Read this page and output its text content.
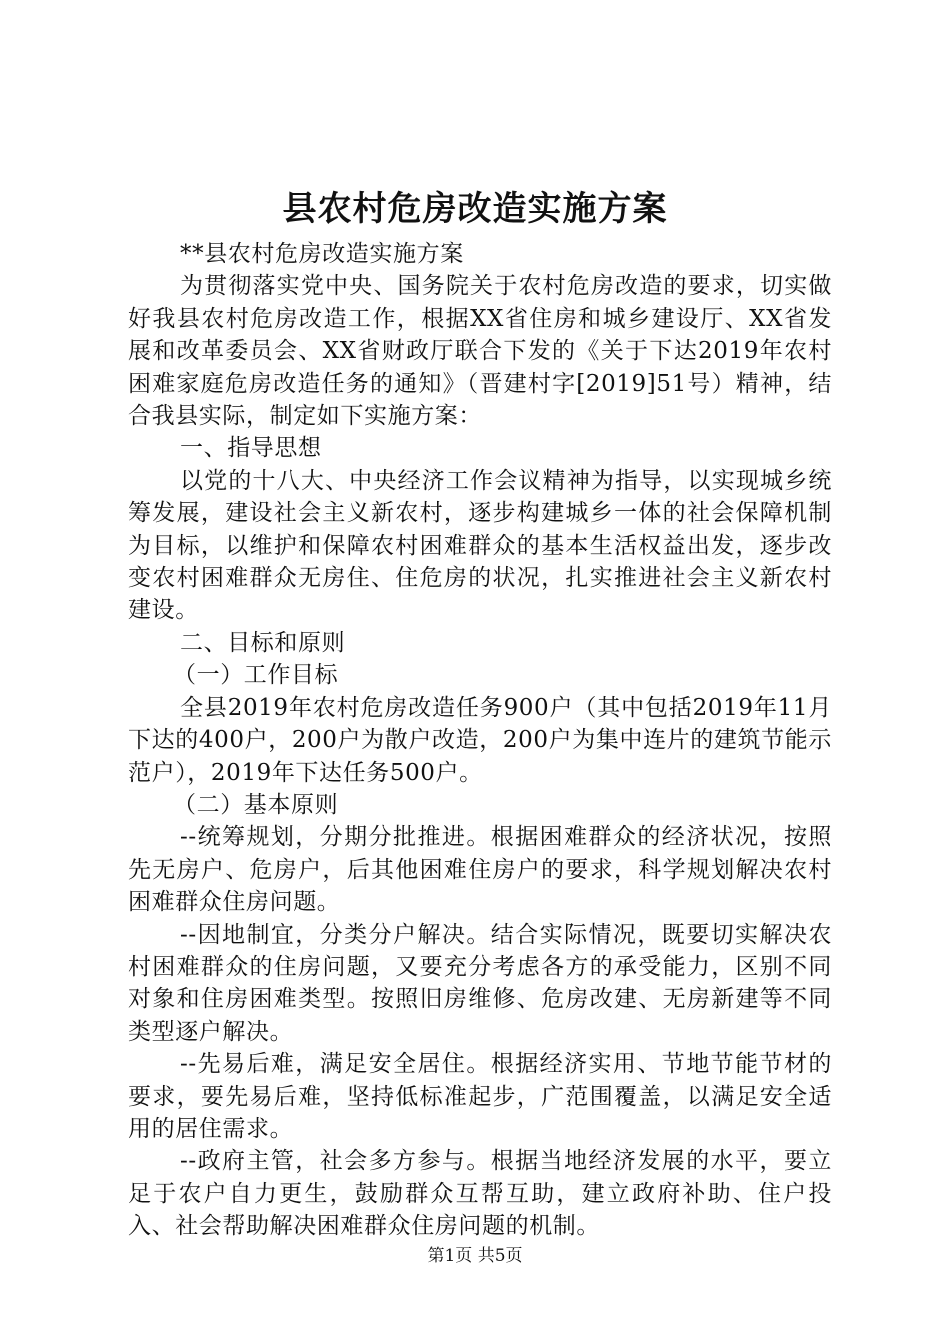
县农村危房改造实施方案

**县农村危房改造实施方案

为贯彻落实党中央、国务院关于农村危房改造的要求，切实做好我县农村危房改造工作，根据XX省住房和城乡建设厅、XX省发展和改革委员会、XX省财政厅联合下发的《关于下达2019年农村困难家庭危房改造任务的通知》（晋建村字[2019]51号）精神，结合我县实际，制定如下实施方案：

一、指导思想

以党的十八大、中央经济工作会议精神为指导，以实现城乡统筹发展，建设社会主义新农村，逐步构建城乡一体的社会保障机制为目标，以维护和保障农村困难群众的基本生活权益出发，逐步改变农村困难群众无房住、住危房的状况，扎实推进社会主义新农村建设。

二、目标和原则

（一）工作目标

全县2019年农村危房改造任务900户（其中包括2019年11月下达的400户，200户为散户改造，200户为集中连片的建筑节能示范户），2019年下达任务500户。

（二）基本原则

--统筹规划，分期分批推进。根据困难群众的经济状况，按照先无房户、危房户，后其他困难住房户的要求，科学规划解决农村困难群众住房问题。

--因地制宜，分类分户解决。结合实际情况，既要切实解决农村困难群众的住房问题，又要充分考虑各方的承受能力，区别不同对象和住房困难类型。按照旧房维修、危房改建、无房新建等不同类型逐户解决。

--先易后难，满足安全居住。根据经济实用、节地节能节材的要求，要先易后难，坚持低标准起步，广范围覆盖，以满足安全适用的居住需求。

--政府主管，社会多方参与。根据当地经济发展的水平，要立足于农户自力更生，鼓励群众互帮互助，建立政府补助、住户投入、社会帮助解决困难群众住房问题的机制。

第1页 共5页
